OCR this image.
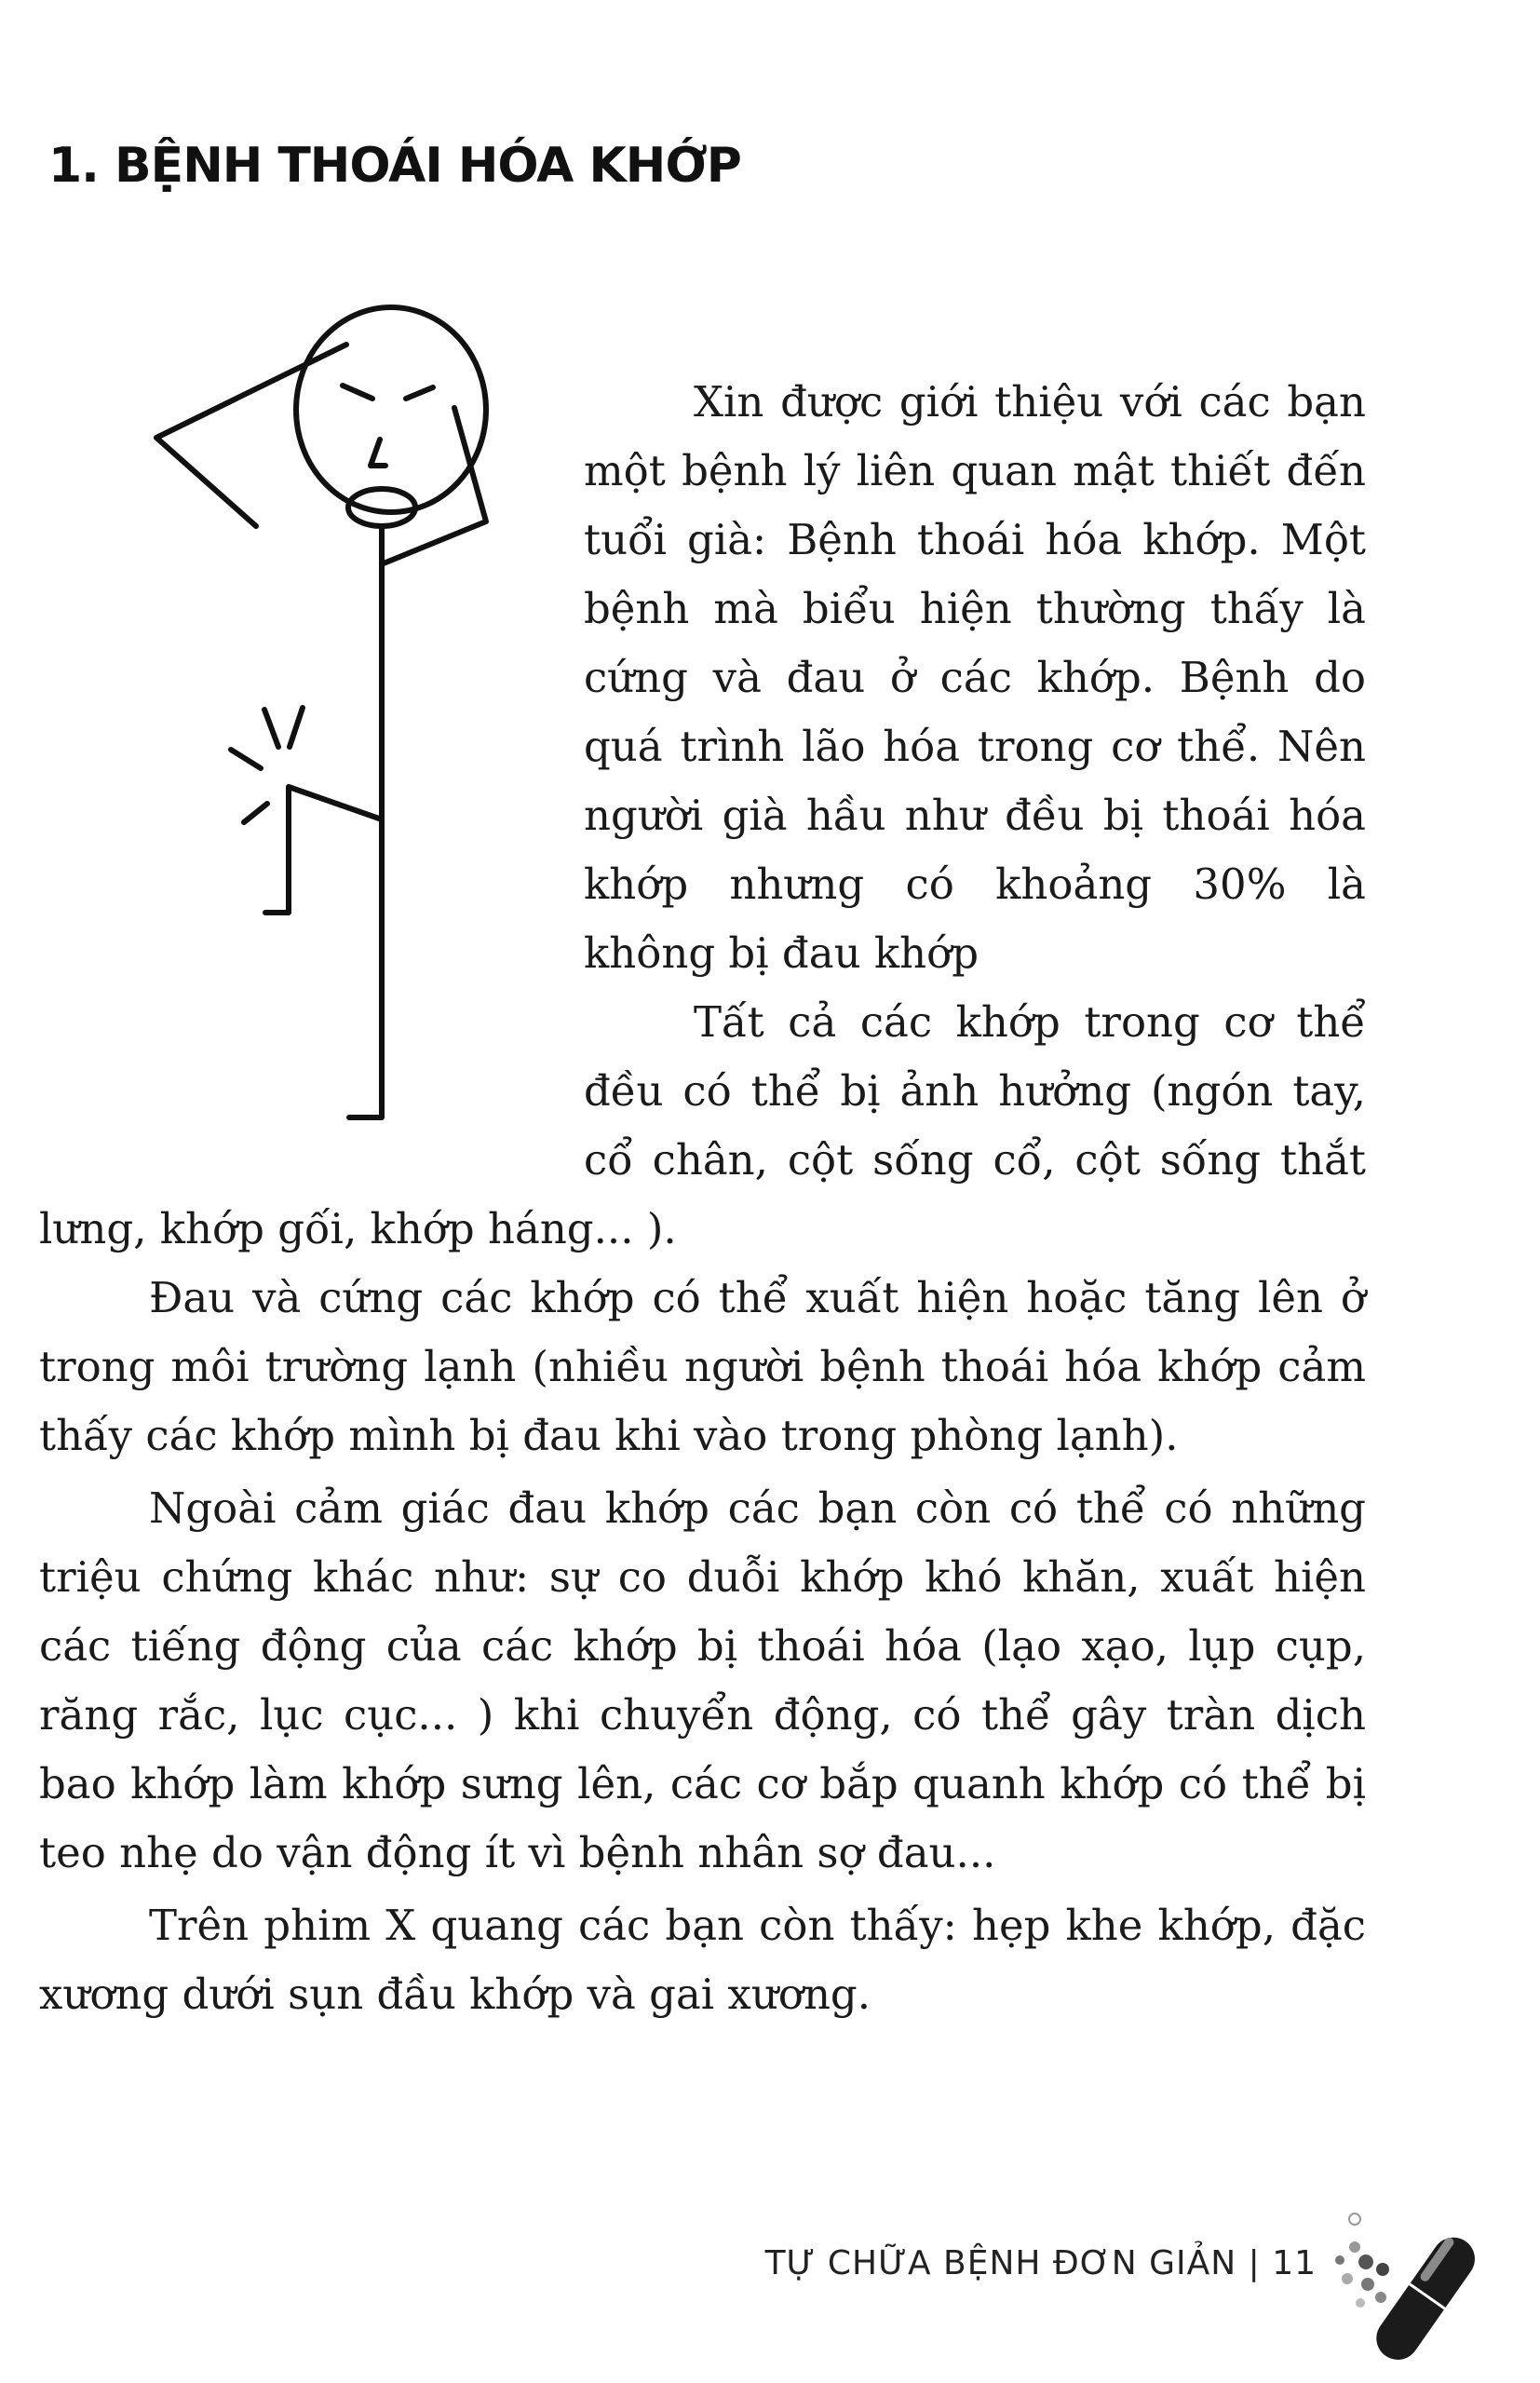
1. BỆNH THOÁI HÓA KHỚP

Xin được giới thiệu với các bạn một bệnh lý liên quan mật thiết đến tuổi già: Bệnh thoái hóa khớp. Một bệnh mà biểu hiện thường thấy là cứng và đau ở các khớp. Bệnh do quá trình lão hóa trong cơ thể. Nên người già hầu như đều bị thoái hóa khớp nhưng có khoảng 30% là không bị đau khớp

Tất cả các khớp trong cơ thể đều có thể bị ảnh hưởng (ngón tay, cổ chân, cột sống cổ, cột sống thắt lưng, khớp gối, khớp háng... ).

Đau và cứng các khớp có thể xuất hiện hoặc tăng lên ở trong môi trường lạnh (nhiều người bệnh thoái hóa khớp cảm thấy các khớp mình bị đau khi vào trong phòng lạnh).

Ngoài cảm giác đau khớp các bạn còn có thể có những triệu chứng khác như: sự co duỗi khớp khó khăn, xuất hiện các tiếng động của các khớp bị thoái hóa (lạo xạo, lụp cụp, răng rắc, lục cục... ) khi chuyển động, có thể gây tràn dịch bao khớp làm khớp sưng lên, các cơ bắp quanh khớp có thể bị teo nhẹ do vận động ít vì bệnh nhân sợ đau...

Trên phim X quang các bạn còn thấy: hẹp khe khớp, đặc xương dưới sụn đầu khớp và gai xương.

TỰ CHỮA BỆNH ĐƠN GIẢN | 11
